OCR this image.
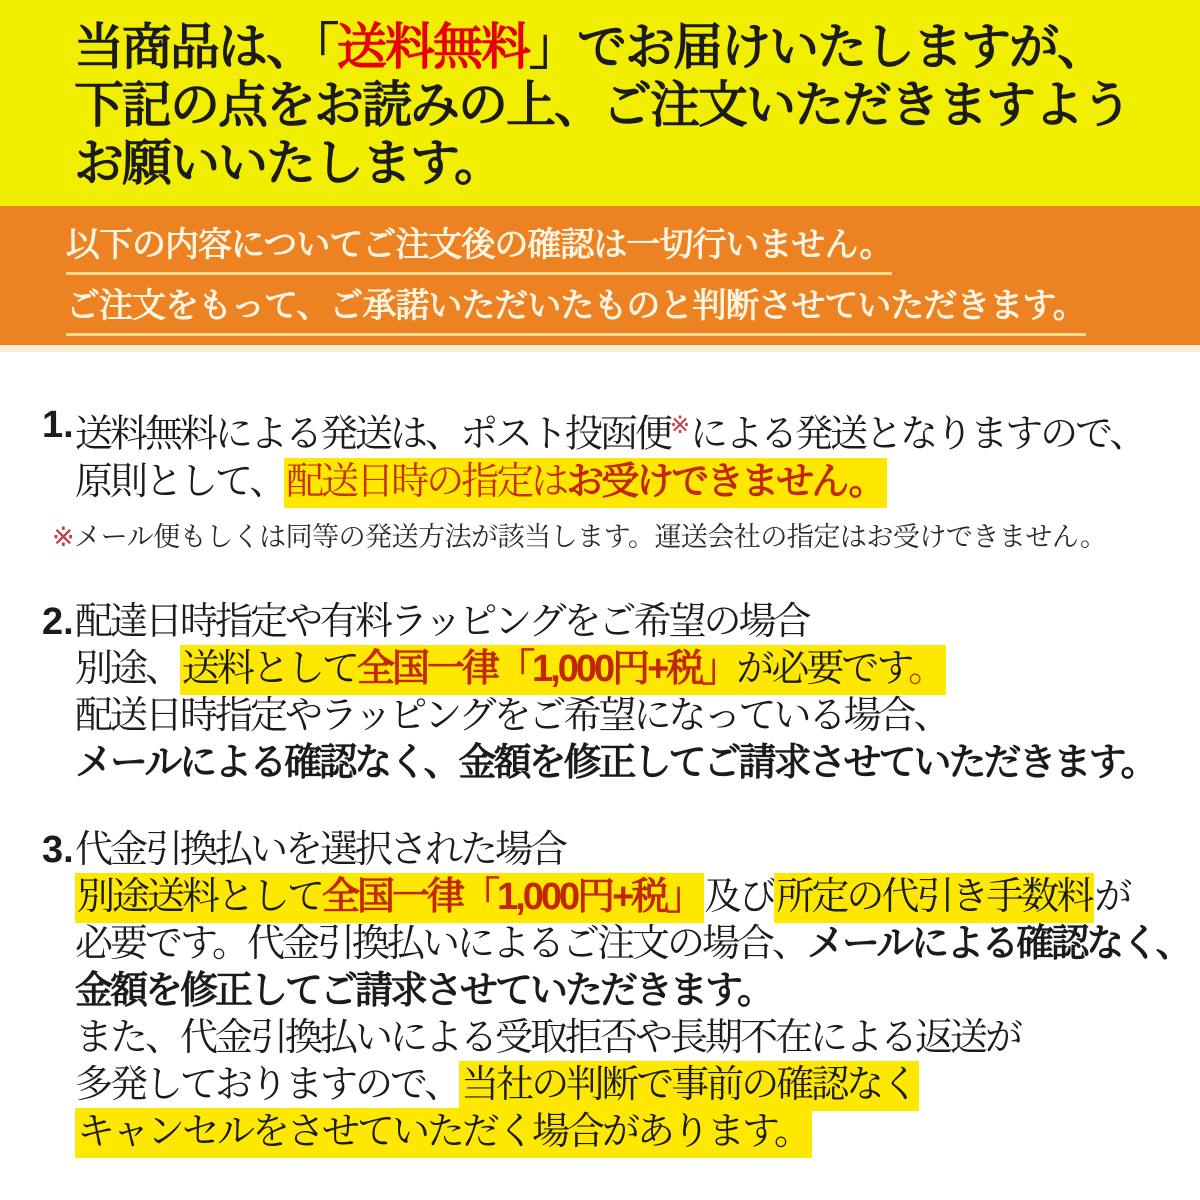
当商品は、「送料無料」でお届けいたしますが、
下記の点をお読みの上、ご注文いただきますよう
お願いいたします。
以下の内容についてご注文後の確認は一切行いません。
ご注文をもって、ご承諾いただいたものと判断させていただきます。
1. 送料無料による発送は、ポスト投函便※による発送となりますので、
原則として、配送日時の指定はお受けできません。
※メール便もしくは同等の発送方法が該当します。運送会社の指定はお受けできません。
2. 配達日時指定や有料ラッピングをご希望の場合
別途、送料として全国一律「1,000円+税」が必要です。
配送日時指定やラッピングをご希望になっている場合、
メールによる確認なく、金額を修正してご請求させていただきます。
3. 代金引換払いを選択された場合
別途送料として全国一律「1,000円+税」及び所定の代引き手数料が
必要です。代金引換払いによるご注文の場合、メールによる確認なく、
金額を修正してご請求させていただきます。
また、代金引換払いによる受取拒否や長期不在による返送が
多発しておりますので、当社の判断で事前の確認なく
キャンセルをさせていただく場合があります。
